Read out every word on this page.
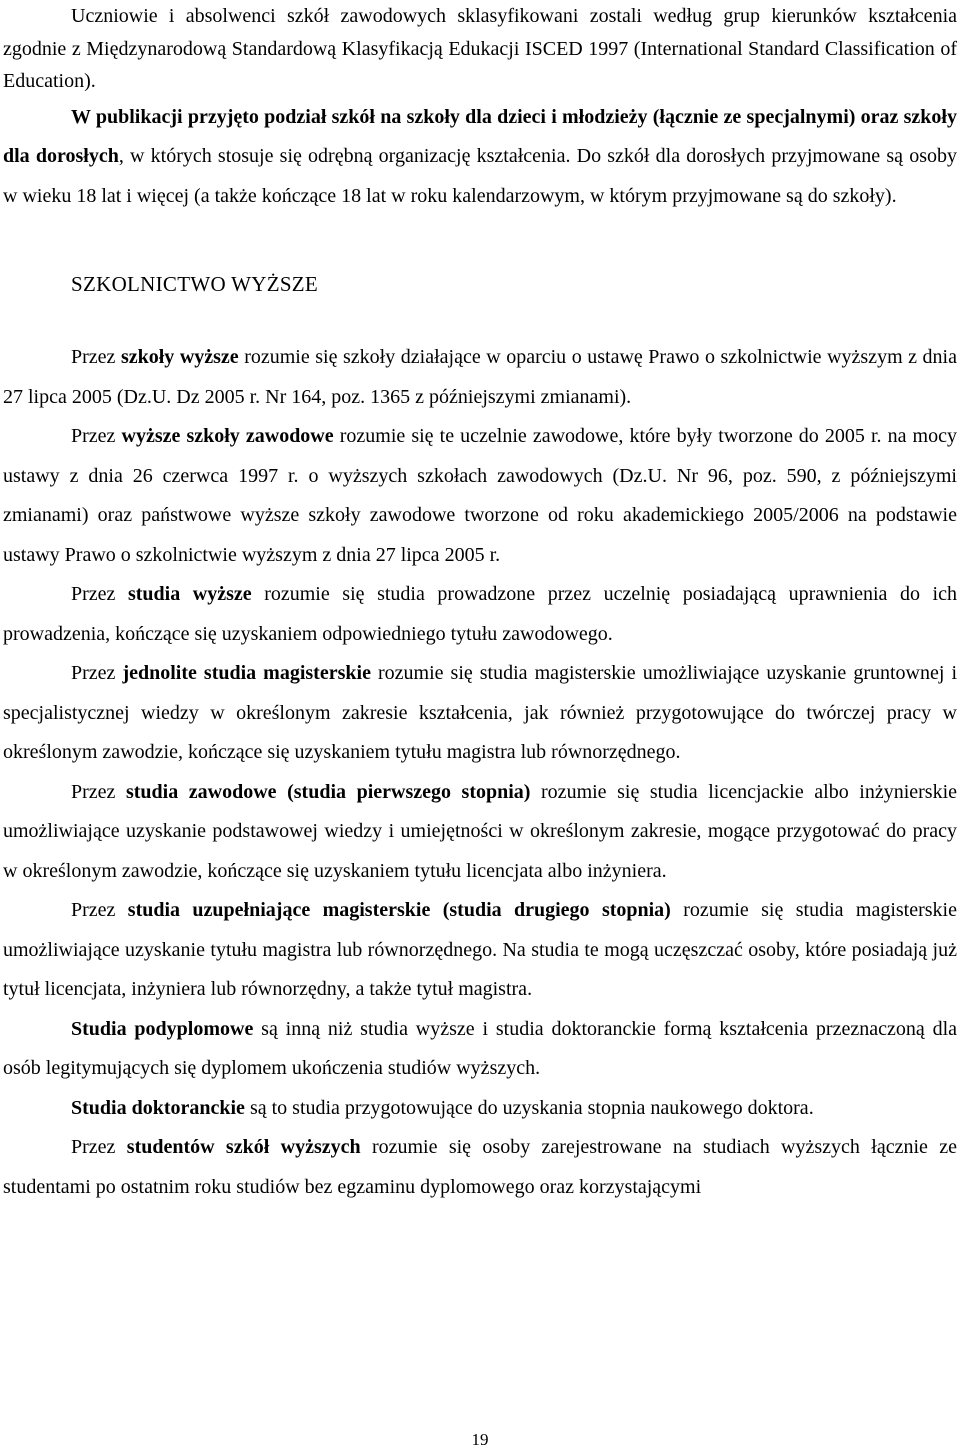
Uczniowie i absolwenci szkół zawodowych sklasyfikowani zostali według grup kierunków kształcenia zgodnie z Międzynarodową Standardową Klasyfikacją Edukacji ISCED 1997 (International Standard Classification of Education).

W publikacji przyjęto podział szkół na szkoły dla dzieci i młodzieży (łącznie ze specjalnymi) oraz szkoły dla dorosłych, w których stosuje się odrębną organizację kształcenia. Do szkół dla dorosłych przyjmowane są osoby w wieku 18 lat i więcej (a także kończące 18 lat w roku kalendarzowym, w którym przyjmowane są do szkoły).

SZKOLNICTWO WYŻSZE

Przez szkoły wyższe rozumie się szkoły działające w oparciu o ustawę Prawo o szkolnictwie wyższym z dnia 27 lipca 2005 (Dz.U. Dz 2005 r. Nr 164, poz. 1365 z późniejszymi zmianami).

Przez wyższe szkoły zawodowe rozumie się te uczelnie zawodowe, które były tworzone do 2005 r. na mocy ustawy z dnia 26 czerwca 1997 r. o wyższych szkołach zawodowych (Dz.U. Nr 96, poz. 590, z późniejszymi zmianami) oraz państwowe wyższe szkoły zawodowe tworzone od roku akademickiego 2005/2006 na podstawie ustawy Prawo o szkolnictwie wyższym z dnia 27 lipca 2005 r.

Przez studia wyższe rozumie się studia prowadzone przez uczelnię posiadającą uprawnienia do ich prowadzenia, kończące się uzyskaniem odpowiedniego tytułu zawodowego.

Przez jednolite studia magisterskie rozumie się studia magisterskie umożliwiające uzyskanie gruntownej i specjalistycznej wiedzy w określonym zakresie kształcenia, jak również przygotowujące do twórczej pracy w określonym zawodzie, kończące się uzyskaniem tytułu magistra lub równorzędnego.

Przez studia zawodowe (studia pierwszego stopnia) rozumie się studia licencjackie albo inżynierskie umożliwiające uzyskanie podstawowej wiedzy i umiejętności w określonym zakresie, mogące przygotować do pracy w określonym zawodzie, kończące się uzyskaniem tytułu licencjata albo inżyniera.

Przez studia uzupełniające magisterskie (studia drugiego stopnia) rozumie się studia magisterskie umożliwiające uzyskanie tytułu magistra lub równorzędnego. Na studia te mogą uczęszczać osoby, które posiadają już tytuł licencjata, inżyniera lub równorzędny, a także tytuł magistra.

Studia podyplomowe są inną niż studia wyższe i studia doktoranckie formą kształcenia przeznaczoną dla osób legitymujących się dyplomem ukończenia studiów wyższych.

Studia doktoranckie są to studia przygotowujące do uzyskania stopnia naukowego doktora.

Przez studentów szkół wyższych rozumie się osoby zarejestrowane na studiach wyższych łącznie ze studentami po ostatnim roku studiów bez egzaminu dyplomowego oraz korzystającymi

19
